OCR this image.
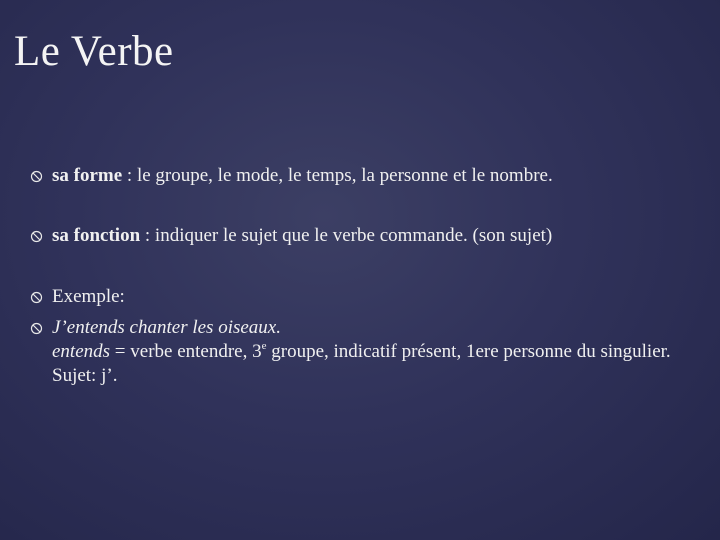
Le Verbe
sa forme : le groupe, le mode, le temps, la personne et le nombre.
sa fonction : indiquer le sujet que le verbe commande. (son sujet)
Exemple:
J’entends chanter les oiseaux.
entends = verbe entendre, 3e groupe, indicatif présent, 1ere personne du singulier. Sujet: j’.
